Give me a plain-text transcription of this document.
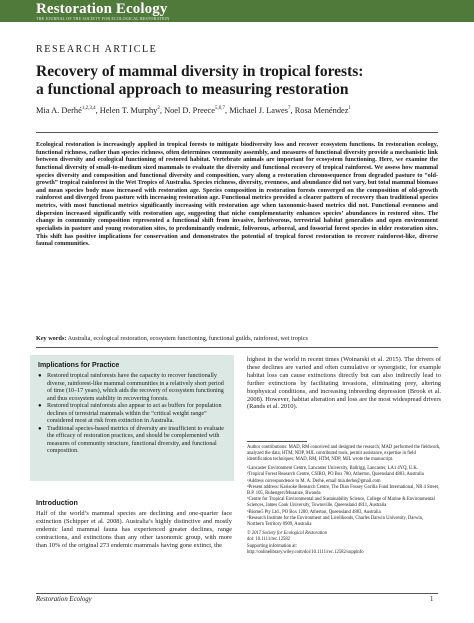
Restoration Ecology
THE JOURNAL OF THE SOCIETY FOR ECOLOGICAL RESTORATION
RESEARCH ARTICLE
Recovery of mammal diversity in tropical forests:
a functional approach to measuring restoration
Mia A. Derhé$^{1,2,3,4}$, Helen T. Murphy$^2$, Noel D. Preece$^{5,6,7}$, Michael J. Lawes$^7$, Rosa Menéndez$^1$
Ecological restoration is increasingly applied in tropical forests to mitigate biodiversity loss and recover ecosystem functions. In restoration ecology, functional richness, rather than species richness, often determines community assembly, and measures of functional diversity provide a mechanistic link between diversity and ecological functioning of restored habitat. Vertebrate animals are important for ecosystem functioning. Here, we examine the functional diversity of small-to-medium sized mammals to evaluate the diversity and functional recovery of tropical rainforest. We assess how mammal species diversity and composition and functional diversity and composition, vary along a restoration chronosequence from degraded pasture to “old-growth” tropical rainforest in the Wet Tropics of Australia. Species richness, diversity, evenness, and abundance did not vary, but total mammal biomass and mean species body mass increased with restoration age. Species composition in restoration forests converged on the composition of old-growth rainforest and diverged from pasture with increasing restoration age. Functional metrics provided a clearer pattern of recovery than traditional species metrics, with most functional metrics significantly increasing with restoration age when taxonomic-based metrics did not. Functional evenness and dispersion increased significantly with restoration age, suggesting that niche complementarity enhances species’ abundances in restored sites. The change in community composition represented a functional shift from invasive, herbivorous, terrestrial habitat generalists and open environment specialists in pasture and young restoration sites, to predominantly endemic, folivorous, arboreal, and fossorial forest species in older restoration sites. This shift has positive implications for conservation and demonstrates the potential of tropical forest restoration to recover rainforest-like, diverse faunal communities.
Key words: Australia, ecological restoration, ecosystem functioning, functional guilds, rainforest, wet tropics
Implications for Practice
● Restored tropical rainforests have the capacity to recover functionally diverse, rainforest-like mammal communities in a relatively short period of time (10–17 years), which aids the recovery of ecosystem functioning and thus ecosystem stability in recovering forests.
● Restored tropical rainforests also appear to act as buffers for population declines of terrestrial mammals within the “critical weight range” considered most at risk from extinction in Australia.
● Traditional species-based metrics of diversity are insufficient to evaluate the efficacy of restoration practices, and should be complemented with measures of community structure, functional diversity, and functional composition.
Introduction
Half of the world’s mammal species are declining and one-quarter face extinction (Schipper et al. 2008). Australia’s highly distinctive and mostly endemic land mammal fauna has experienced greater declines, range contractions, and extinctions than any other taxonomic group, with more than 10% of the original 273 endemic mammals having gone extinct, the
highest in the world in recent times (Woinarski et al. 2015). The drivers of these declines are varied and often cumulative or synergistic, for example habitat loss can cause extinctions directly but can also indirectly lead to further extinctions by facilitating invasions, eliminating prey, altering biophysical conditions, and increasing inbreeding depression (Brook et al. 2008). However, habitat alteration and loss are the most widespread drivers (Rands et al. 2010).

Author contributions: MAD, RM conceived and designed the research; MAD performed the fieldwork, analyzed the data; HTM, NDP, MJL contributed tools, permit assistance, expertise in field identification techniques; MAD, RM, HTM, NDP, MJL wrote the manuscript.

¹Lancaster Environment Centre, Lancaster University, Bailrigg, Lancaster, LA1 4YQ, U.K.

²Tropical Forest Research Centre, CSIRO, PO Box 780, Atherton, Queensland 4883, Australia

³Address correspondence to M. A. Derhé, email mia.derhe@gmail.com

⁴Present address: Karisoke Research Centre, The Dian Fossey Gorilla Fund International, NR 4 Street, B.P. 105, Ruhengeri/Musanze, Rwanda

⁵Centre for Tropical Environmental and Sustainability Science, College of Marine & Environmental Sciences, James Cook University, Townsville, Queensland 4811, Australia

⁶Biome5 Pty Ltd., PO Box 1200, Atherton, Queensland 4883, Australia

⁷Research Institute for the Environment and Livelihoods, Charles Darwin University, Darwin, Northern Territory 0909, Australia

© 2017 Society for Ecological Restoration

doi: 10.1111/rec.12582

Supporting information at:

http://onlinelibrary.wiley.com/doi/10.1111/rec.12582/suppinfo

Restoration Ecology	1
